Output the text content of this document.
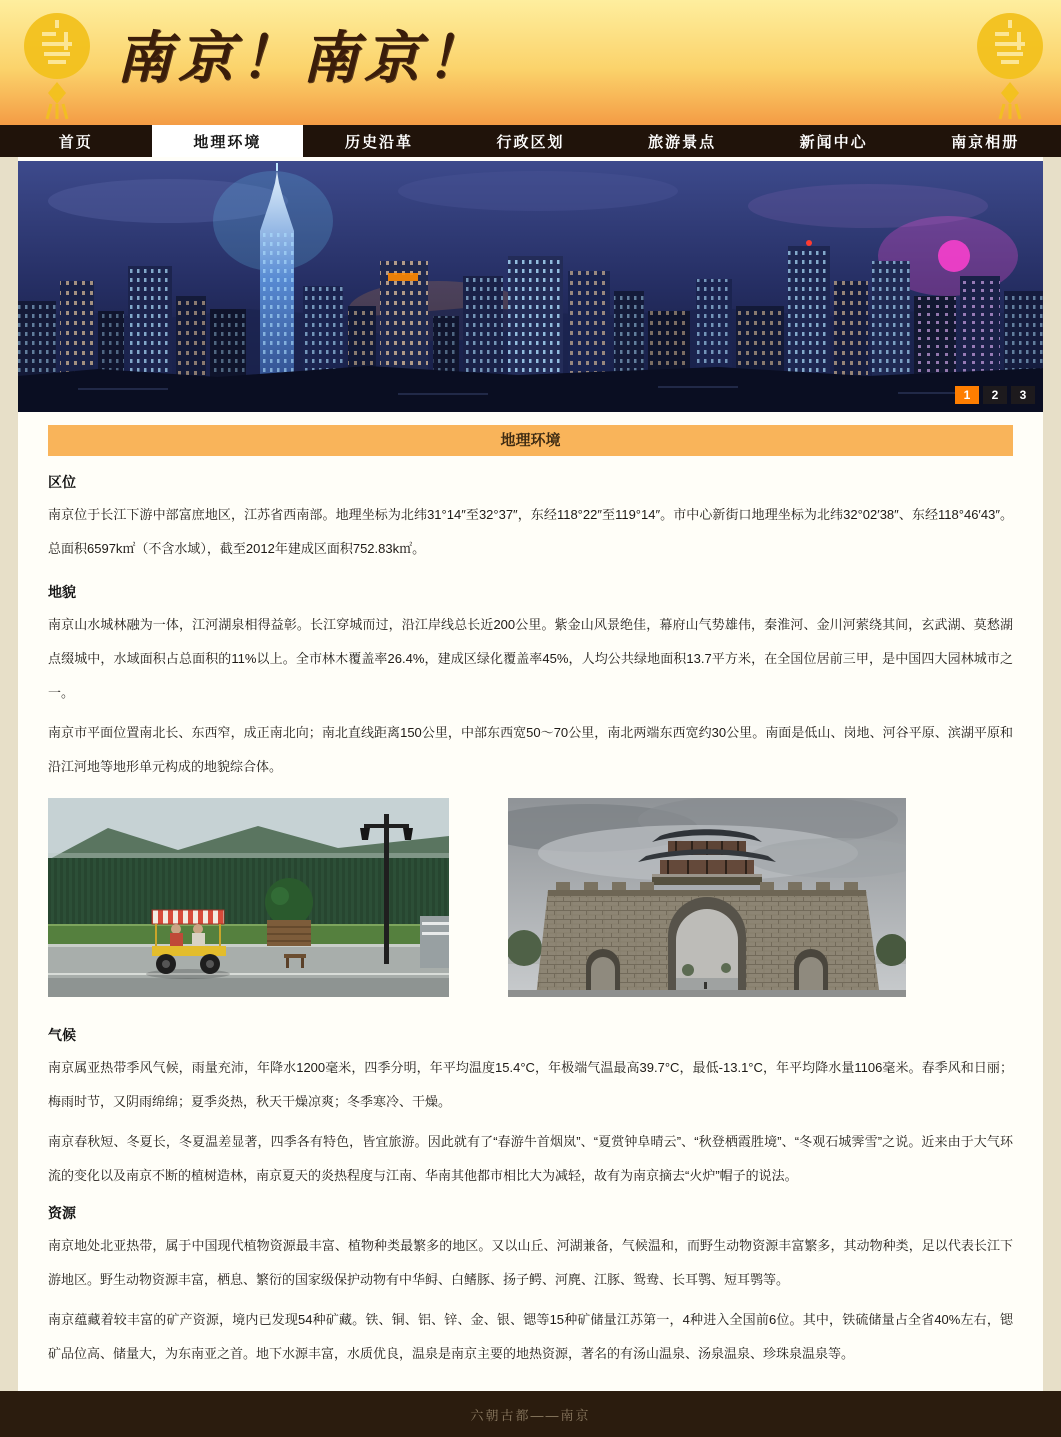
南京！南京！
首页	地理环境	历史沿革	行政区划	旅游景点	新闻中心	南京相册
1	2	3
地理环境
区位

南京位于长江下游中部富庶地区，江苏省西南部。地理坐标为北纬31°14″至32°37″，东经118°22″至119°14″。市中心新街口地理坐标为北纬32°02′38″、东经118°46′43″。总面积6597k㎡（不含水域），截至2012年建成区面积752.83k㎡。

地貌

南京山水城林融为一体，江河湖泉相得益彰。长江穿城而过，沿江岸线总长近200公里。紫金山风景绝佳，幕府山气势雄伟，秦淮河、金川河萦绕其间，玄武湖、莫愁湖点缀城中，水域面积占总面积的11%以上。全市林木覆盖率26.4%，建成区绿化覆盖率45%，人均公共绿地面积13.7平方米，在全国位居前三甲，是中国四大园林城市之一。

南京市平面位置南北长、东西窄，成正南北向；南北直线距离150公里，中部东西宽50～70公里，南北两端东西宽约30公里。南面是低山、岗地、河谷平原、滨湖平原和沿江河地等地形单元构成的地貌综合体。

气候

南京属亚热带季风气候，雨量充沛，年降水1200毫米，四季分明，年平均温度15.4°C，年极端气温最高39.7°C，最低-13.1°C，年平均降水量1106毫米。春季风和日丽；梅雨时节，又阴雨绵绵；夏季炎热，秋天干燥凉爽；冬季寒冷、干燥。

南京春秋短、冬夏长，冬夏温差显著，四季各有特色，皆宜旅游。因此就有了“春游牛首烟岚”、“夏赏钟阜晴云”、“秋登栖霞胜境”、“冬观石城霁雪”之说。近来由于大气环流的变化以及南京不断的植树造林，南京夏天的炎热程度与江南、华南其他都市相比大为减轻，故有为南京摘去“火炉”帽子的说法。

资源

南京地处北亚热带，属于中国现代植物资源最丰富、植物种类最繁多的地区。又以山丘、河湖兼备，气候温和，而野生动物资源丰富繁多，其动物种类，足以代表长江下游地区。野生动物资源丰富，栖息、繁衍的国家级保护动物有中华鲟、白鳍豚、扬子鳄、河麂、江豚、鸳鸯、长耳鹗、短耳鹗等。

南京蕴藏着较丰富的矿产资源，境内已发现54种矿藏。铁、铜、铝、锌、金、银、锶等15种矿储量江苏第一，4种进入全国前6位。其中，铁硫储量占全省40%左右，锶矿品位高、储量大，为东南亚之首。地下水源丰富，水质优良，温泉是南京主要的地热资源，著名的有汤山温泉、汤泉温泉、珍珠泉温泉等。

六朝古都——南京
